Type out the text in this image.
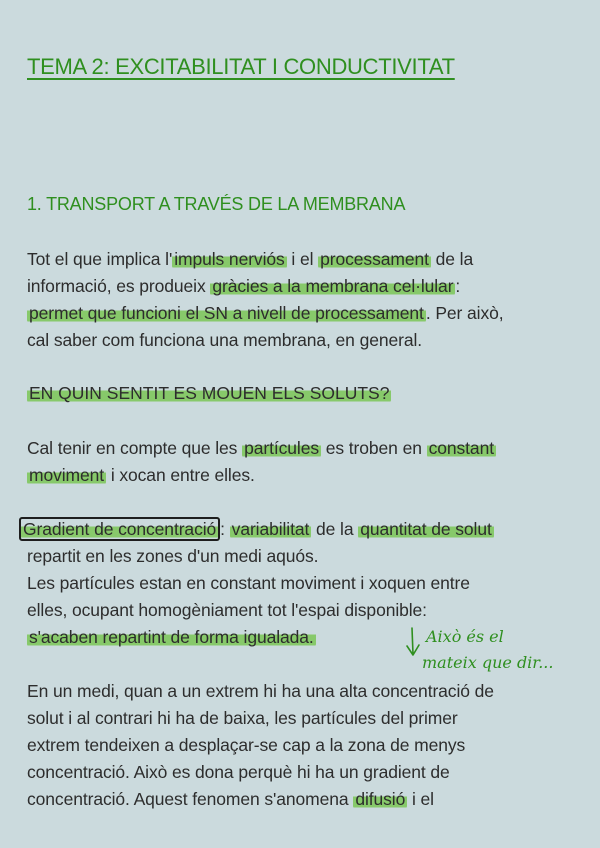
TEMA 2: EXCITABILITAT I CONDUCTIVITAT
1. TRANSPORT A TRAVÉS DE LA MEMBRANA

Tot el que implica l' impuls nerviós i el processament de la
informació, es produeix gràcies a la membrana cel·lular :
permet que funcioni el SN a nivell de processament . Per això,
cal saber com funciona una membrana, en general.

EN QUIN SENTIT ES MOUEN ELS SOLUTS?

Cal tenir en compte que les partícules es troben en constant
moviment i xocan entre elles.

Gradient de concentració : variabilitat de la quantitat de solut
repartit en les zones d'un medi aquós.
Les partícules estan en constant moviment i xoquen entre
elles, ocupant homogèniament tot l'espai disponible:
s'acaben repartint de forma igualada.	Això és el
mateix que dir...

En un medi, quan a un extrem hi ha una alta concentració de
solut i al contrari hi ha de baixa, les partícules del primer
extrem tendeixen a desplaçar-se cap a la zona de menys
concentració. Això es dona perquè hi ha un gradient de
concentració. Aquest fenomen s'anomena difusió i el
